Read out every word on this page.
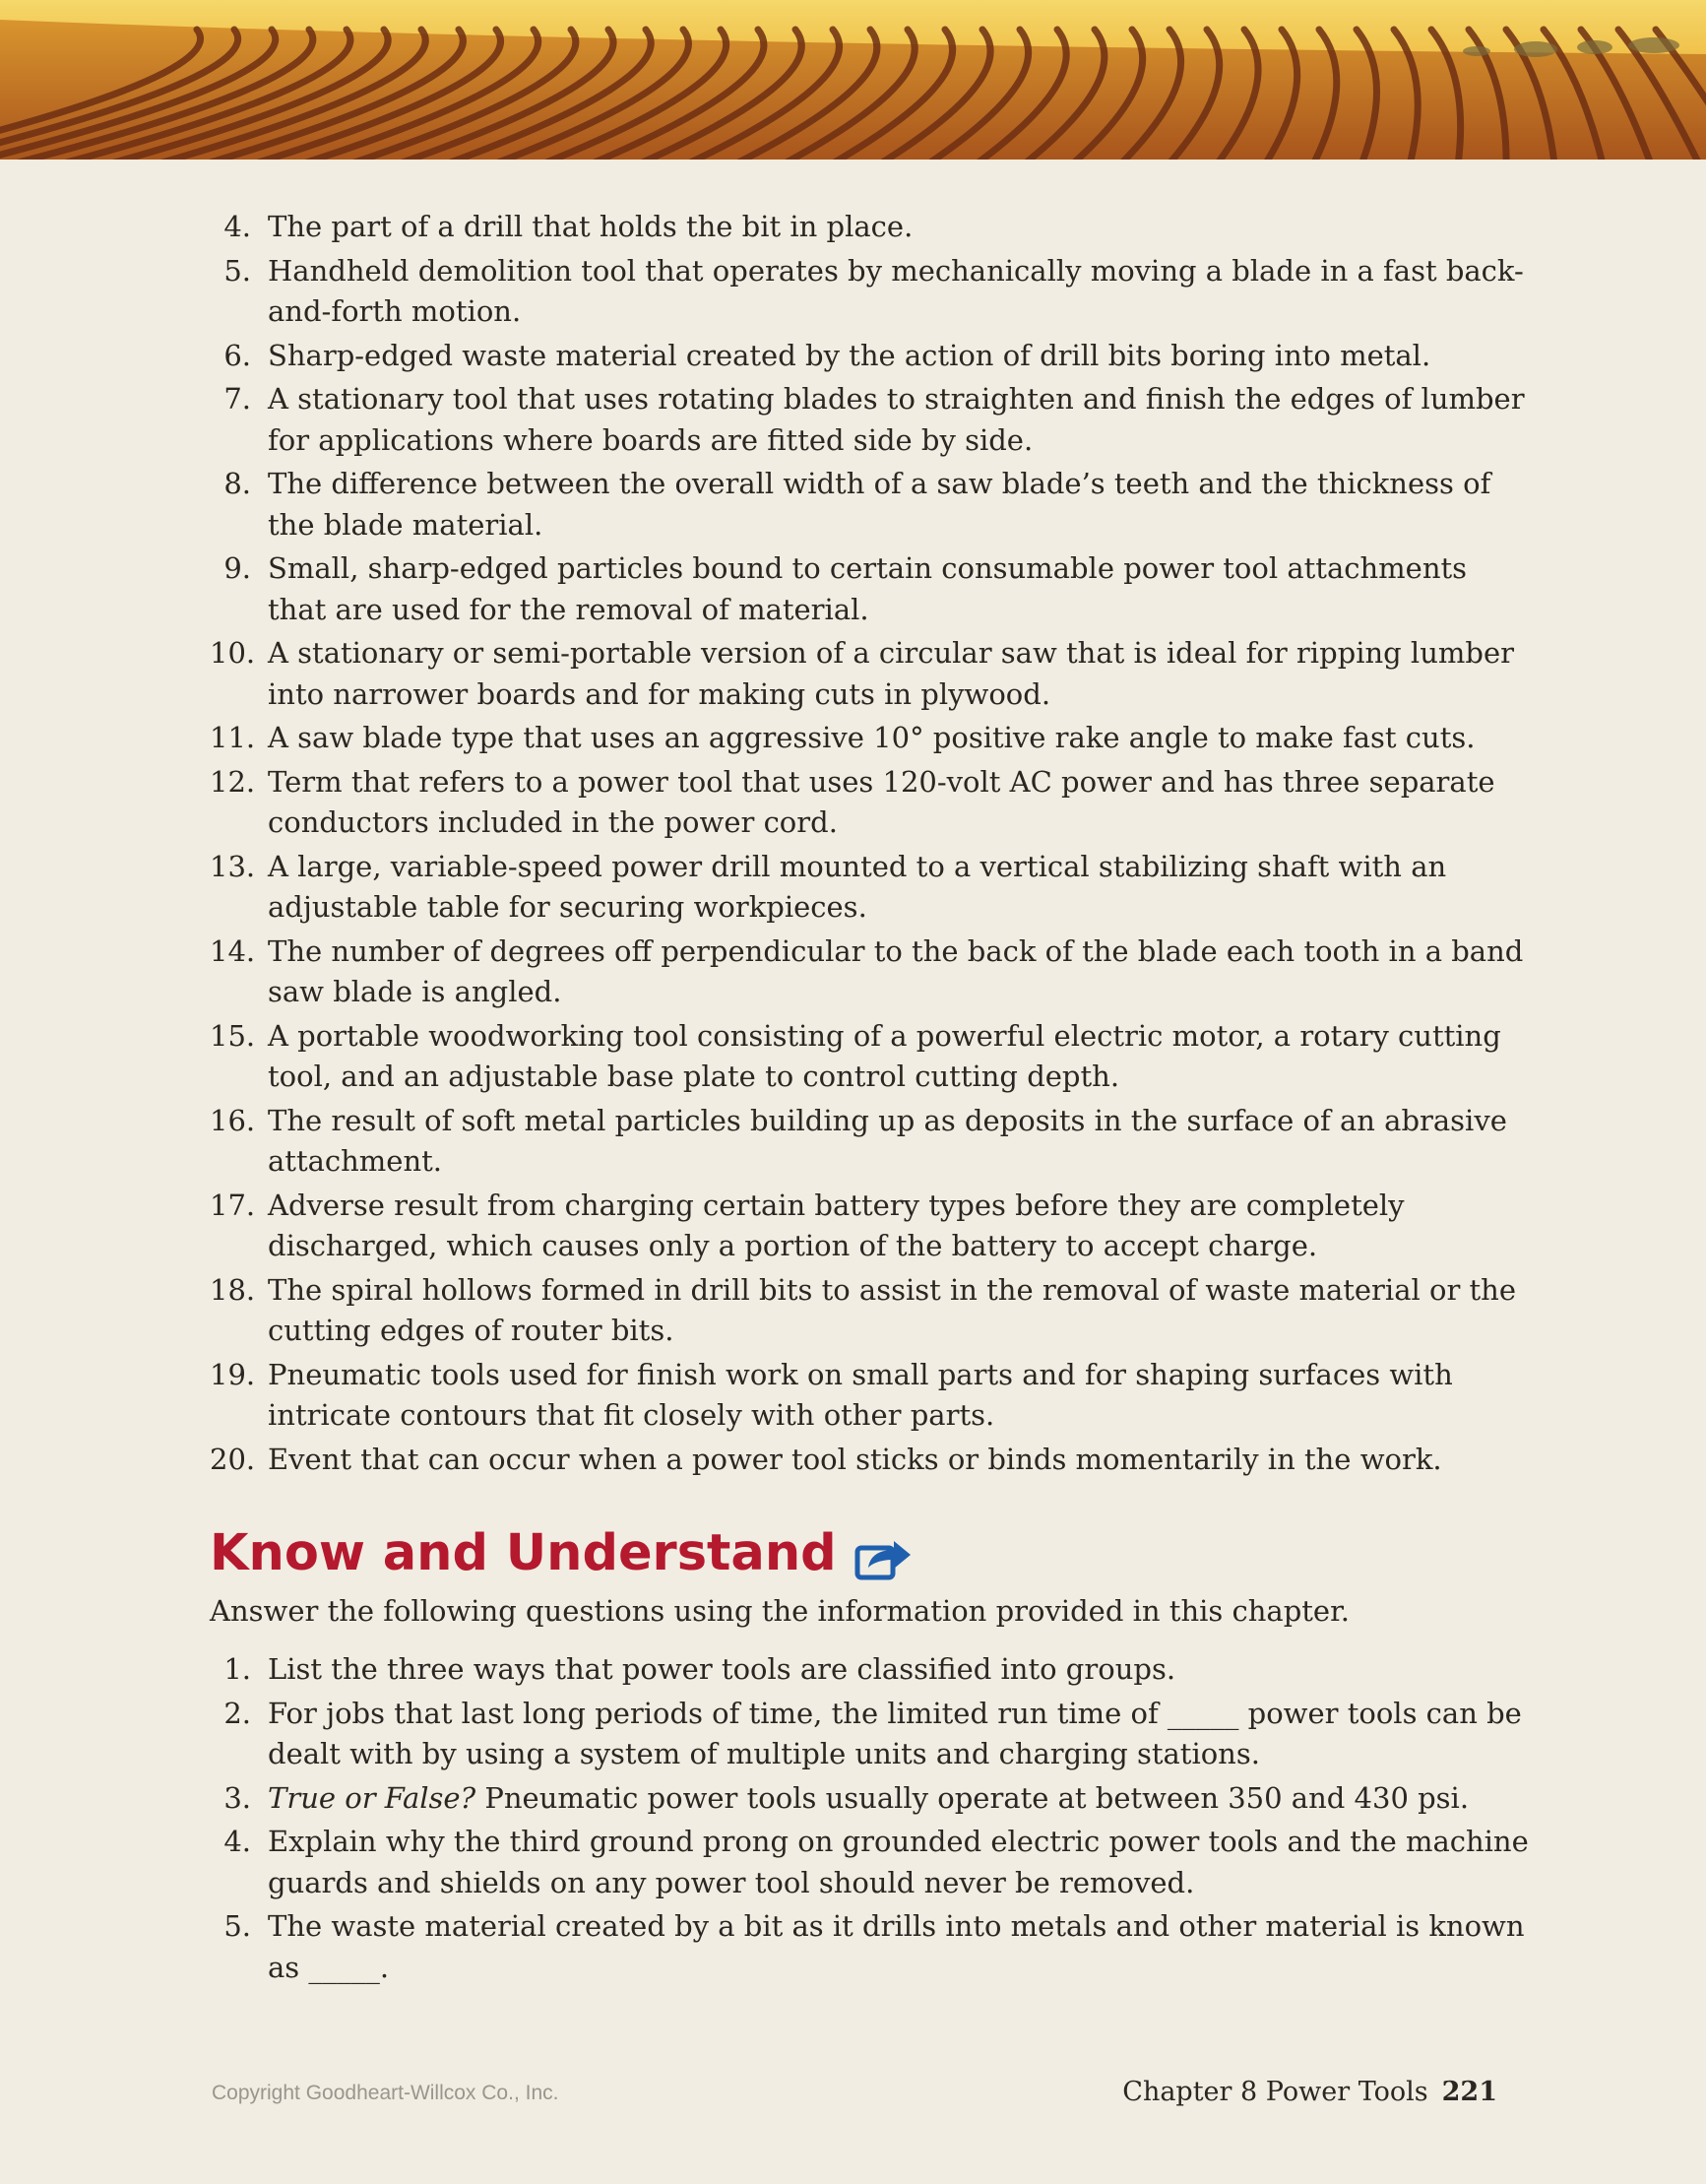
4. The part of a drill that holds the bit in place.
5. Handheld demolition tool that operates by mechanically moving a blade in a fast back-and-forth motion.
6. Sharp-edged waste material created by the action of drill bits boring into metal.
7. A stationary tool that uses rotating blades to straighten and finish the edges of lumber for applications where boards are fitted side by side.
8. The difference between the overall width of a saw blade’s teeth and the thickness of the blade material.
9. Small, sharp-edged particles bound to certain consumable power tool attachments that are used for the removal of material.
10. A stationary or semi-portable version of a circular saw that is ideal for ripping lumber into narrower boards and for making cuts in plywood.
11. A saw blade type that uses an aggressive 10° positive rake angle to make fast cuts.
12. Term that refers to a power tool that uses 120-volt AC power and has three separate conductors included in the power cord.
13. A large, variable-speed power drill mounted to a vertical stabilizing shaft with an adjustable table for securing workpieces.
14. The number of degrees off perpendicular to the back of the blade each tooth in a band saw blade is angled.
15. A portable woodworking tool consisting of a powerful electric motor, a rotary cutting tool, and an adjustable base plate to control cutting depth.
16. The result of soft metal particles building up as deposits in the surface of an abrasive attachment.
17. Adverse result from charging certain battery types before they are completely discharged, which causes only a portion of the battery to accept charge.
18. The spiral hollows formed in drill bits to assist in the removal of waste material or the cutting edges of router bits.
19. Pneumatic tools used for finish work on small parts and for shaping surfaces with intricate contours that fit closely with other parts.
20. Event that can occur when a power tool sticks or binds momentarily in the work.
Know and Understand

Answer the following questions using the information provided in this chapter.

1. List the three ways that power tools are classified into groups.
2. For jobs that last long periods of time, the limited run time of _____ power tools can be dealt with by using a system of multiple units and charging stations.
3. True or False? Pneumatic power tools usually operate at between 350 and 430 psi.
4. Explain why the third ground prong on grounded electric power tools and the machine guards and shields on any power tool should never be removed.
5. The waste material created by a bit as it drills into metals and other material is known as _____.
Copyright Goodheart-Willcox Co., Inc.	Chapter 8 Power Tools 221
